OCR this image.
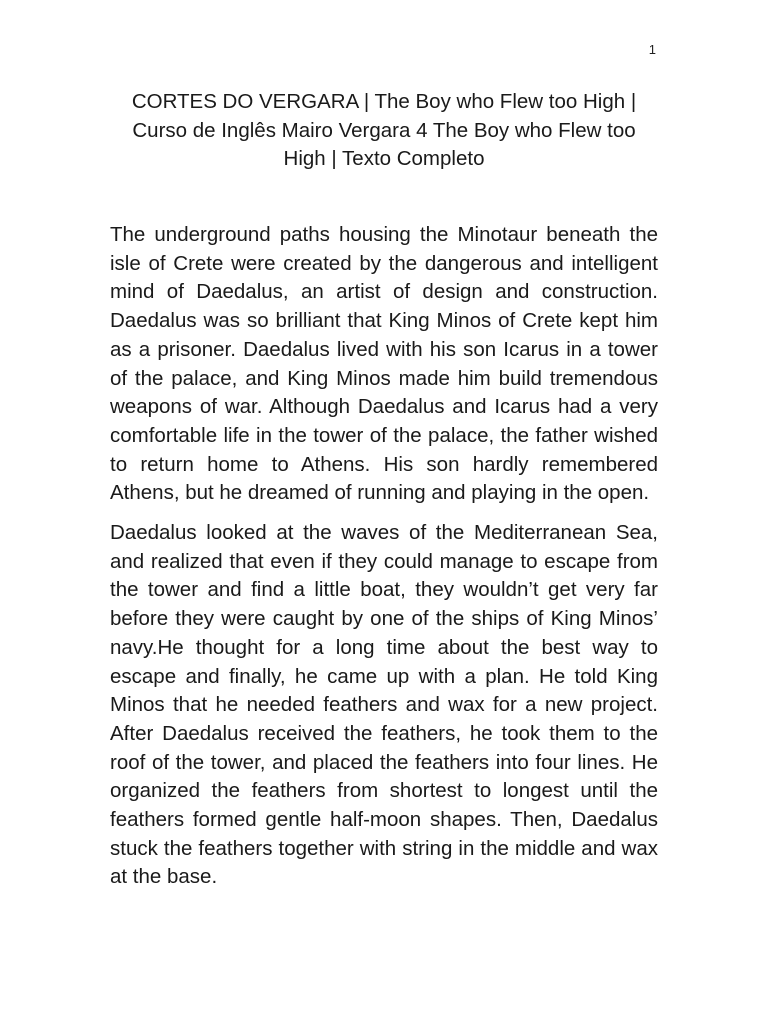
1
CORTES DO VERGARA | The Boy who Flew too High | Curso de Inglês Mairo Vergara 4 The Boy who Flew too High | Texto Completo

The underground paths housing the Minotaur beneath the isle of Crete were created by the dangerous and intelligent mind of Daedalus, an artist of design and construction. Daedalus was so brilliant that King Minos of Crete kept him as a prisoner. Daedalus lived with his son Icarus in a tower of the palace, and King Minos made him build tremendous weapons of war. Although Daedalus and Icarus had a very comfortable life in the tower of the palace, the father wished to return home to Athens. His son hardly remembered Athens, but he dreamed of running and playing in the open.

Daedalus looked at the waves of the Mediterranean Sea, and realized that even if they could manage to escape from the tower and find a little boat, they wouldn’t get very far before they were caught by one of the ships of King Minos’ navy.He thought for a long time about the best way to escape and finally, he came up with a plan. He told King Minos that he needed feathers and wax for a new project. After Daedalus received the feathers, he took them to the roof of the tower, and placed the feathers into four lines. He organized the feathers from shortest to longest until the feathers formed gentle half-moon shapes. Then, Daedalus stuck the feathers together with string in the middle and wax at the base.
